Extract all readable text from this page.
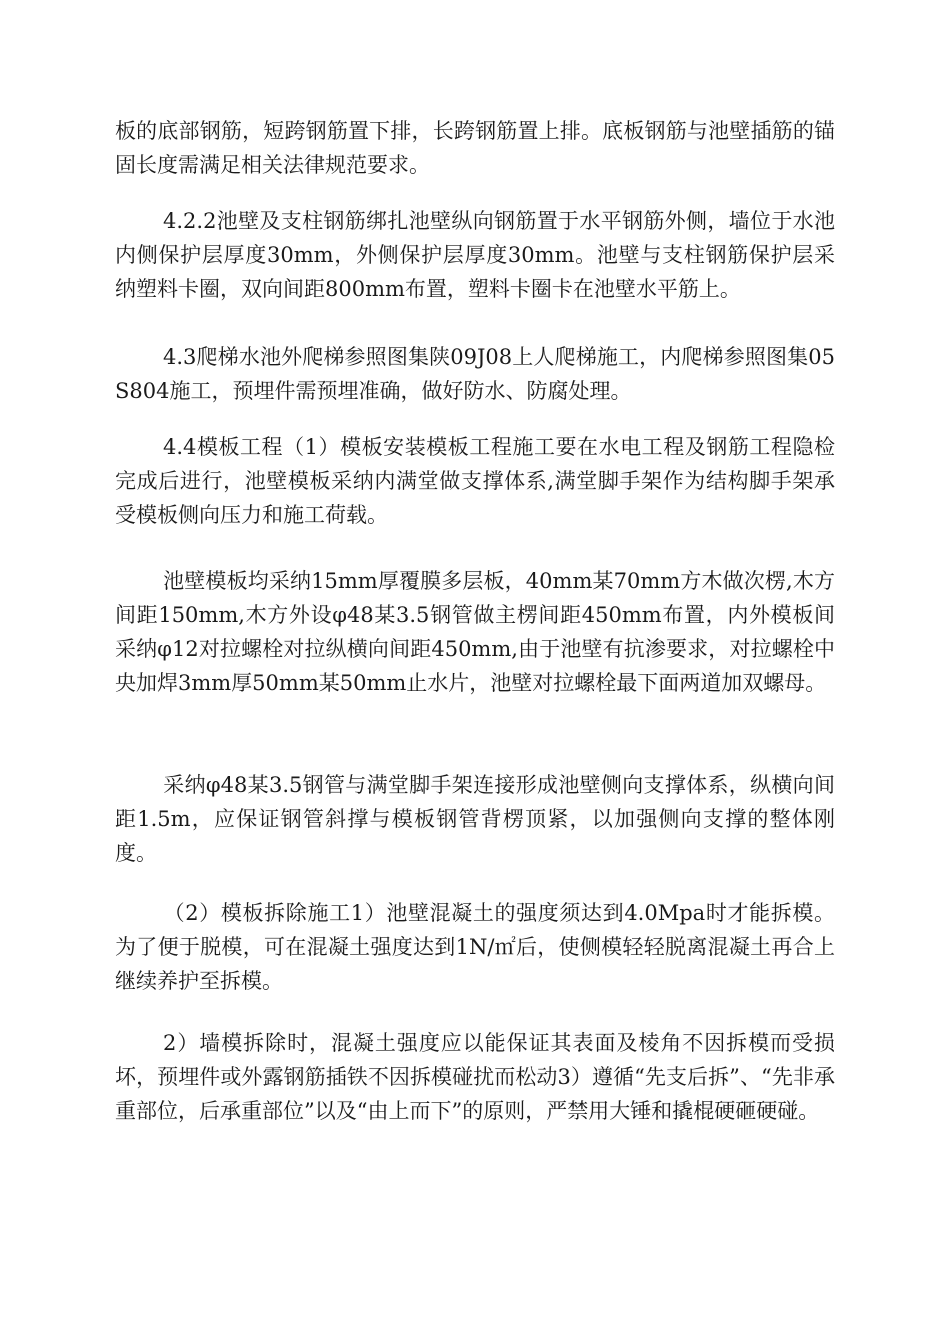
板的底部钢筋，短跨钢筋置下排，长跨钢筋置上排。底板钢筋与池壁插筋的锚固长度需满足相关法律规范要求。

4.2.2池壁及支柱钢筋绑扎池壁纵向钢筋置于水平钢筋外侧，墙位于水池内侧保护层厚度30mm，外侧保护层厚度30mm。池壁与支柱钢筋保护层采纳塑料卡圈，双向间距800mm布置，塑料卡圈卡在池壁水平筋上。

4.3爬梯水池外爬梯参照图集陕09J08上人爬梯施工，内爬梯参照图集05S804施工，预埋件需预埋准确，做好防水、防腐处理。

4.4模板工程（1）模板安装模板工程施工要在水电工程及钢筋工程隐检完成后进行，池壁模板采纳内满堂做支撑体系,满堂脚手架作为结构脚手架承受模板侧向压力和施工荷载。

池壁模板均采纳15mm厚覆膜多层板，40mm某70mm方木做次楞,木方间距150mm,木方外设φ48某3.5钢管做主楞间距450mm布置，内外模板间采纳φ12对拉螺栓对拉纵横向间距450mm,由于池壁有抗渗要求，对拉螺栓中央加焊3mm厚50mm某50mm止水片，池壁对拉螺栓最下面两道加双螺母。

采纳φ48某3.5钢管与满堂脚手架连接形成池壁侧向支撑体系，纵横向间距1.5m，应保证钢管斜撑与模板钢管背楞顶紧，以加强侧向支撑的整体刚度。

（2）模板拆除施工1）池壁混凝土的强度须达到4.0Mpa时才能拆模。为了便于脱模，可在混凝土强度达到1N/㎡后，使侧模轻轻脱离混凝土再合上继续养护至拆模。

2）墙模拆除时，混凝土强度应以能保证其表面及棱角不因拆模而受损坏，预埋件或外露钢筋插铁不因拆模碰扰而松动3）遵循“先支后拆”、“先非承重部位，后承重部位”以及“由上而下”的原则，严禁用大锤和撬棍硬砸硬碰。
